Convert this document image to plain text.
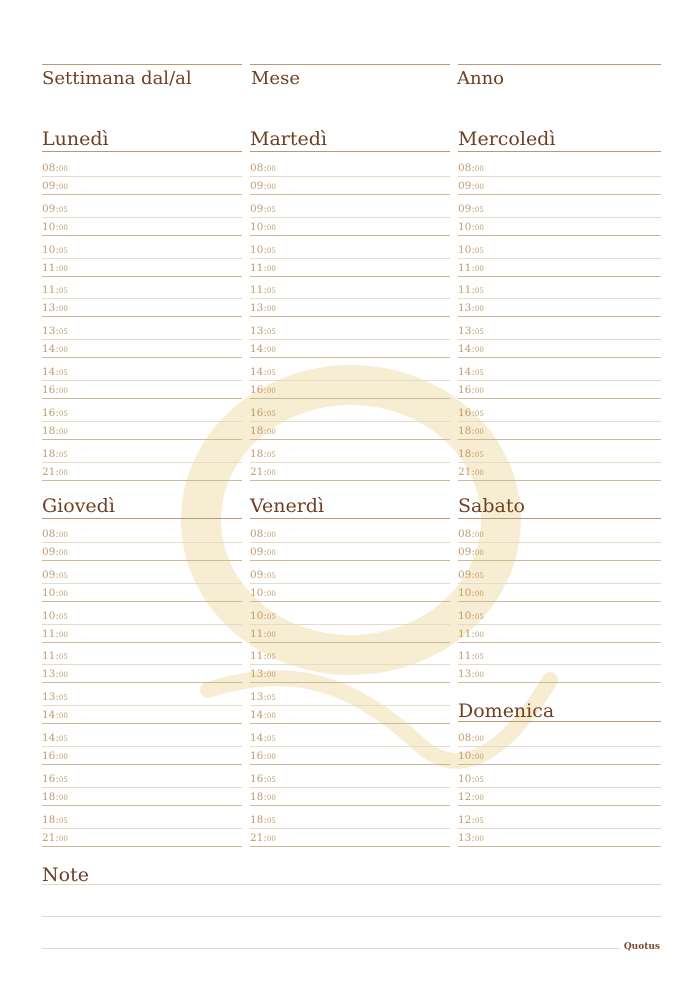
Settimana dal/al	Mese	Anno
Lunedì
08:00
09:00
09:05
10:00
10:05
11:00
11:05
13:00
13:05
14:00
14:05
16:00
16:05
18:00
18:05
21:00
Martedì
08:00
09:00
09:05
10:00
10:05
11:00
11:05
13:00
13:05
14:00
14:05
16:00
16:05
18:00
18:05
21:00
Mercoledì
08:00
09:00
09:05
10:00
10:05
11:00
11:05
13:00
13:05
14:00
14:05
16:00
16:05
18:00
18:05
21:00
Giovedì
08:00
09:00
09:05
10:00
10:05
11:00
11:05
13:00
13:05
14:00
14:05
16:00
16:05
18:00
18:05
21:00
Venerdì
08:00
09:00
09:05
10:00
10:05
11:00
11:05
13:00
13:05
14:00
14:05
16:00
16:05
18:00
18:05
21:00
Sabato
08:00
09:00
09:05
10:00
10:05
11:00
11:05
13:00
Domenica
08:00
10:00
10:05
12:00
12:05
13:00
Note
Quotus
